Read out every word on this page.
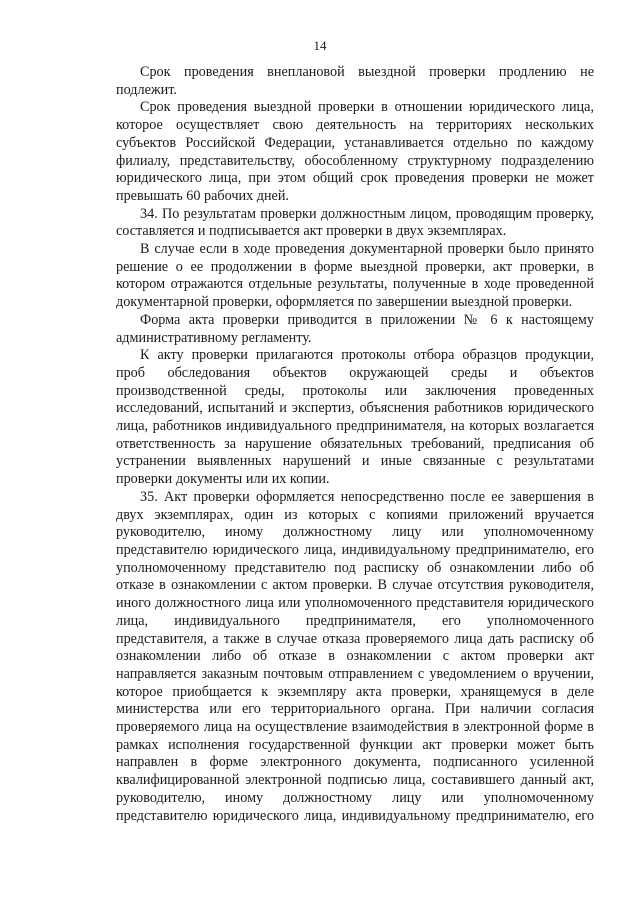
14

Срок проведения внеплановой выездной проверки продлению не подлежит.

Срок проведения выездной проверки в отношении юридического лица, которое осуществляет свою деятельность на территориях нескольких субъектов Российской Федерации, устанавливается отдельно по каждому филиалу, представительству, обособленному структурному подразделению юридического лица, при этом общий срок проведения проверки не может превышать 60 рабочих дней.

34. По результатам проверки должностным лицом, проводящим проверку, составляется и подписывается акт проверки в двух экземплярах.

В случае если в ходе проведения документарной проверки было принято решение о ее продолжении в форме выездной проверки, акт проверки, в котором отражаются отдельные результаты, полученные в ходе проведенной документарной проверки, оформляется по завершении выездной проверки.

Форма акта проверки приводится в приложении № 6 к настоящему административному регламенту.

К акту проверки прилагаются протоколы отбора образцов продукции, проб обследования объектов окружающей среды и объектов производственной среды, протоколы или заключения проведенных исследований, испытаний и экспертиз, объяснения работников юридического лица, работников индивидуального предпринимателя, на которых возлагается ответственность за нарушение обязательных требований, предписания об устранении выявленных нарушений и иные связанные с результатами проверки документы или их копии.

35. Акт проверки оформляется непосредственно после ее завершения в двух экземплярах, один из которых с копиями приложений вручается руководителю, иному должностному лицу или уполномоченному представителю юридического лица, индивидуальному предпринимателю, его уполномоченному представителю под расписку об ознакомлении либо об отказе в ознакомлении с актом проверки. В случае отсутствия руководителя, иного должностного лица или уполномоченного представителя юридического лица, индивидуального предпринимателя, его уполномоченного представителя, а также в случае отказа проверяемого лица дать расписку об ознакомлении либо об отказе в ознакомлении с актом проверки акт направляется заказным почтовым отправлением с уведомлением о вручении, которое приобщается к экземпляру акта проверки, хранящемуся в деле министерства или его территориального органа. При наличии согласия проверяемого лица на осуществление взаимодействия в электронной форме в рамках исполнения государственной функции акт проверки может быть направлен в форме электронного документа, подписанного усиленной квалифицированной электронной подписью лица, составившего данный акт, руководителю, иному должностному лицу или уполномоченному представителю юридического лица, индивидуальному предпринимателю, его
